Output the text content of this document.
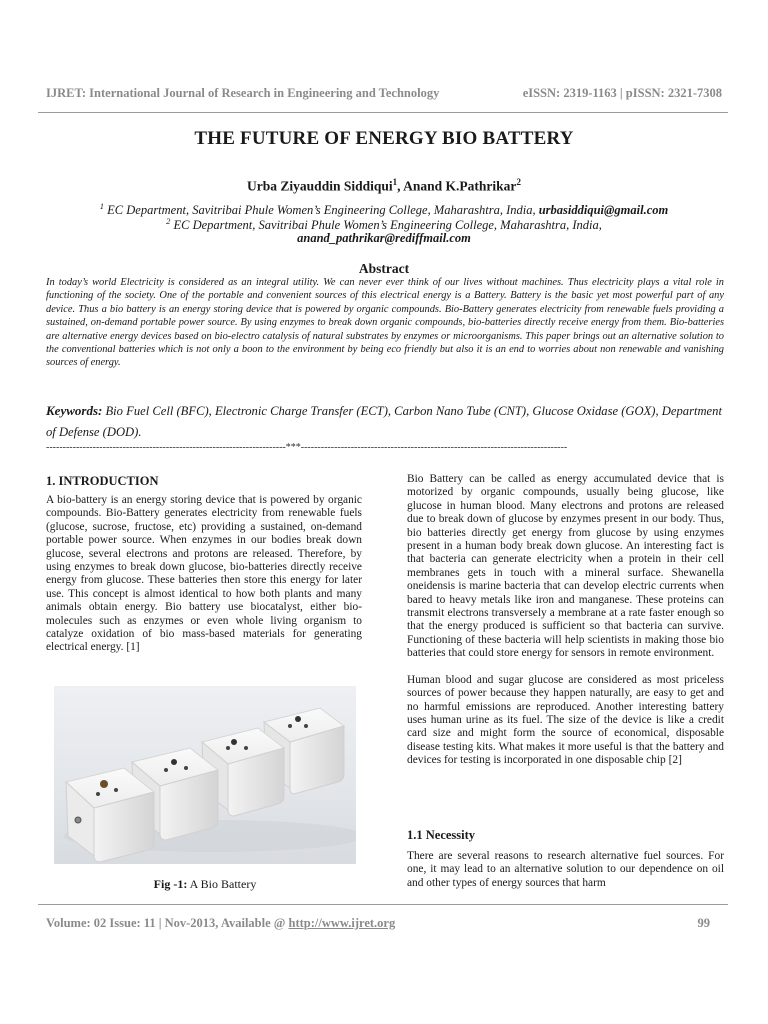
IJRET: International Journal of Research in Engineering and Technology	eISSN: 2319-1163 | pISSN: 2321-7308
THE FUTURE OF ENERGY BIO BATTERY
Urba Ziyauddin Siddiqui$^1$, Anand K.Pathrikar$^2$
$^1$ EC Department, Savitribai Phule Women’s Engineering College, Maharashtra, India, urbasiddiqui@gmail.com
$^2$ EC Department, Savitribai Phule Women’s Engineering College, Maharashtra, India,
anand_pathrikar@rediffmail.com
Abstract
In today’s world Electricity is considered as an integral utility. We can never ever think of our lives without machines. Thus electricity plays a vital role in functioning of the society. One of the portable and convenient sources of this electrical energy is a Battery. Battery is the basic yet most powerful part of any device. Thus a bio battery is an energy storing device that is powered by organic compounds. Bio-Battery generates electricity from renewable fuels providing a sustained, on-demand portable power source. By using enzymes to break down organic compounds, bio-batteries directly receive energy from them. Bio-batteries are alternative energy devices based on bio-electro catalysis of natural substrates by enzymes or microorganisms. This paper brings out an alternative solution to the conventional batteries which is not only a boon to the environment by being eco friendly but also it is an end to worries about non renewable and vanishing sources of energy.
Keywords: Bio Fuel Cell (BFC), Electronic Charge Transfer (ECT), Carbon Nano Tube (CNT), Glucose Oxidase (GOX), Department of Defense (DOD).
------------------------------------------------------------------------***--------------------------------------------------------------------------------
1. INTRODUCTION

A bio-battery is an energy storing device that is powered by organic compounds. Bio-Battery generates electricity from renewable fuels (glucose, sucrose, fructose, etc) providing a sustained, on-demand portable power source. When enzymes in our bodies break down glucose, several electrons and protons are released. Therefore, by using enzymes to break down glucose, bio-batteries directly receive energy from glucose. These batteries then store this energy for later use. This concept is almost identical to how both plants and many animals obtain energy. Bio battery use biocatalyst, either bio-molecules such as enzymes or even whole living organism to catalyze oxidation of bio mass-based materials for generating electrical energy. [1]

Fig -1: A Bio Battery

Bio Battery can be called as energy accumulated device that is motorized by organic compounds, usually being glucose, like glucose in human blood. Many electrons and protons are released due to break down of glucose by enzymes present in our body. Thus, bio batteries directly get energy from glucose by using enzymes present in a human body break down glucose. An interesting fact is that bacteria can generate electricity when a protein in their cell membranes gets in touch with a mineral surface. Shewanella oneidensis is marine bacteria that can develop electric currents when bared to heavy metals like iron and manganese. These proteins can transmit electrons transversely a membrane at a rate faster enough so that the energy produced is sufficient so that bacteria can survive. Functioning of these bacteria will help scientists in making those bio batteries that could store energy for sensors in remote environment.

Human blood and sugar glucose are considered as most priceless sources of power because they happen naturally, are easy to get and no harmful emissions are reproduced. Another interesting battery uses human urine as its fuel. The size of the device is like a credit card size and might form the source of economical, disposable disease testing kits. What makes it more useful is that the battery and devices for testing is incorporated in one disposable chip [2]

1.1 Necessity

There are several reasons to research alternative fuel sources. For one, it may lead to an alternative solution to our dependence on oil and other types of energy sources that harm

Volume: 02 Issue: 11 | Nov-2013, Available @ http://www.ijret.org	99
